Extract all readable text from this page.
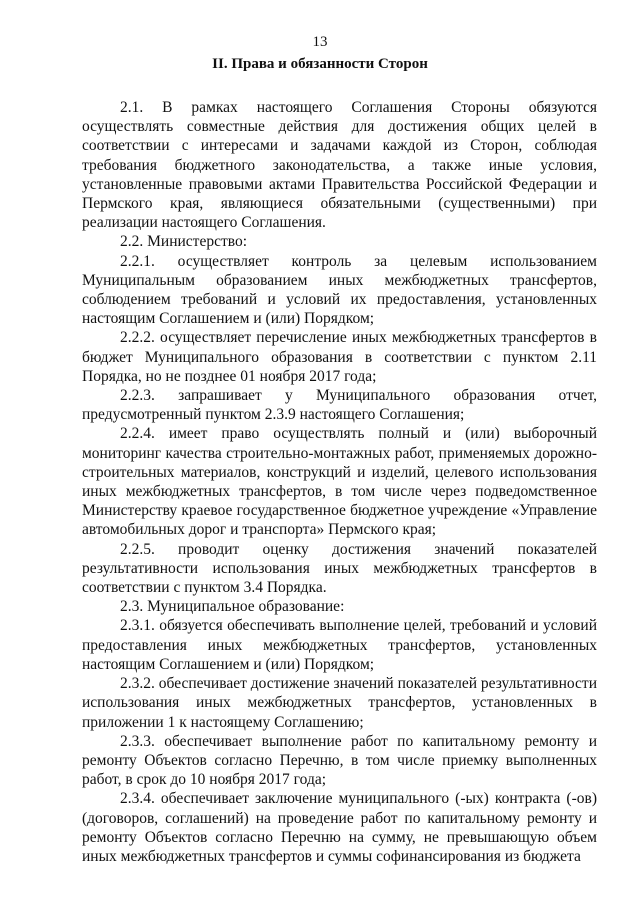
13
II. Права и обязанности Сторон

2.1. В рамках настоящего Соглашения Стороны обязуются осуществлять совместные действия для достижения общих целей в соответствии с интересами и задачами каждой из Сторон, соблюдая требования бюджетного законодательства, а также иные условия, установленные правовыми актами Правительства Российской Федерации и Пермского края, являющиеся обязательными (существенными) при реализации настоящего Соглашения.

2.2. Министерство:

2.2.1. осуществляет контроль за целевым использованием Муниципальным образованием иных межбюджетных трансфертов, соблюдением требований и условий их предоставления, установленных настоящим Соглашением и (или) Порядком;

2.2.2. осуществляет перечисление иных межбюджетных трансфертов в бюджет Муниципального образования в соответствии с пунктом 2.11 Порядка, но не позднее 01 ноября 2017 года;

2.2.3. запрашивает у Муниципального образования отчет, предусмотренный пунктом 2.3.9 настоящего Соглашения;

2.2.4. имеет право осуществлять полный и (или) выборочный мониторинг качества строительно-монтажных работ, применяемых дорожно-строительных материалов, конструкций и изделий, целевого использования иных межбюджетных трансфертов, в том числе через подведомственное Министерству краевое государственное бюджетное учреждение «Управление автомобильных дорог и транспорта» Пермского края;

2.2.5. проводит оценку достижения значений показателей результативности использования иных межбюджетных трансфертов в соответствии с пунктом 3.4 Порядка.

2.3. Муниципальное образование:

2.3.1. обязуется обеспечивать выполнение целей, требований и условий предоставления иных межбюджетных трансфертов, установленных настоящим Соглашением и (или) Порядком;

2.3.2. обеспечивает достижение значений показателей результативности использования иных межбюджетных трансфертов, установленных в приложении 1 к настоящему Соглашению;

2.3.3. обеспечивает выполнение работ по капитальному ремонту и ремонту Объектов согласно Перечню, в том числе приемку выполненных работ, в срок до 10 ноября 2017 года;

2.3.4. обеспечивает заключение муниципального (-ых) контракта (-ов) (договоров, соглашений) на проведение работ по капитальному ремонту и ремонту Объектов согласно Перечню на сумму, не превышающую объем иных межбюджетных трансфертов и суммы софинансирования из бюджета
